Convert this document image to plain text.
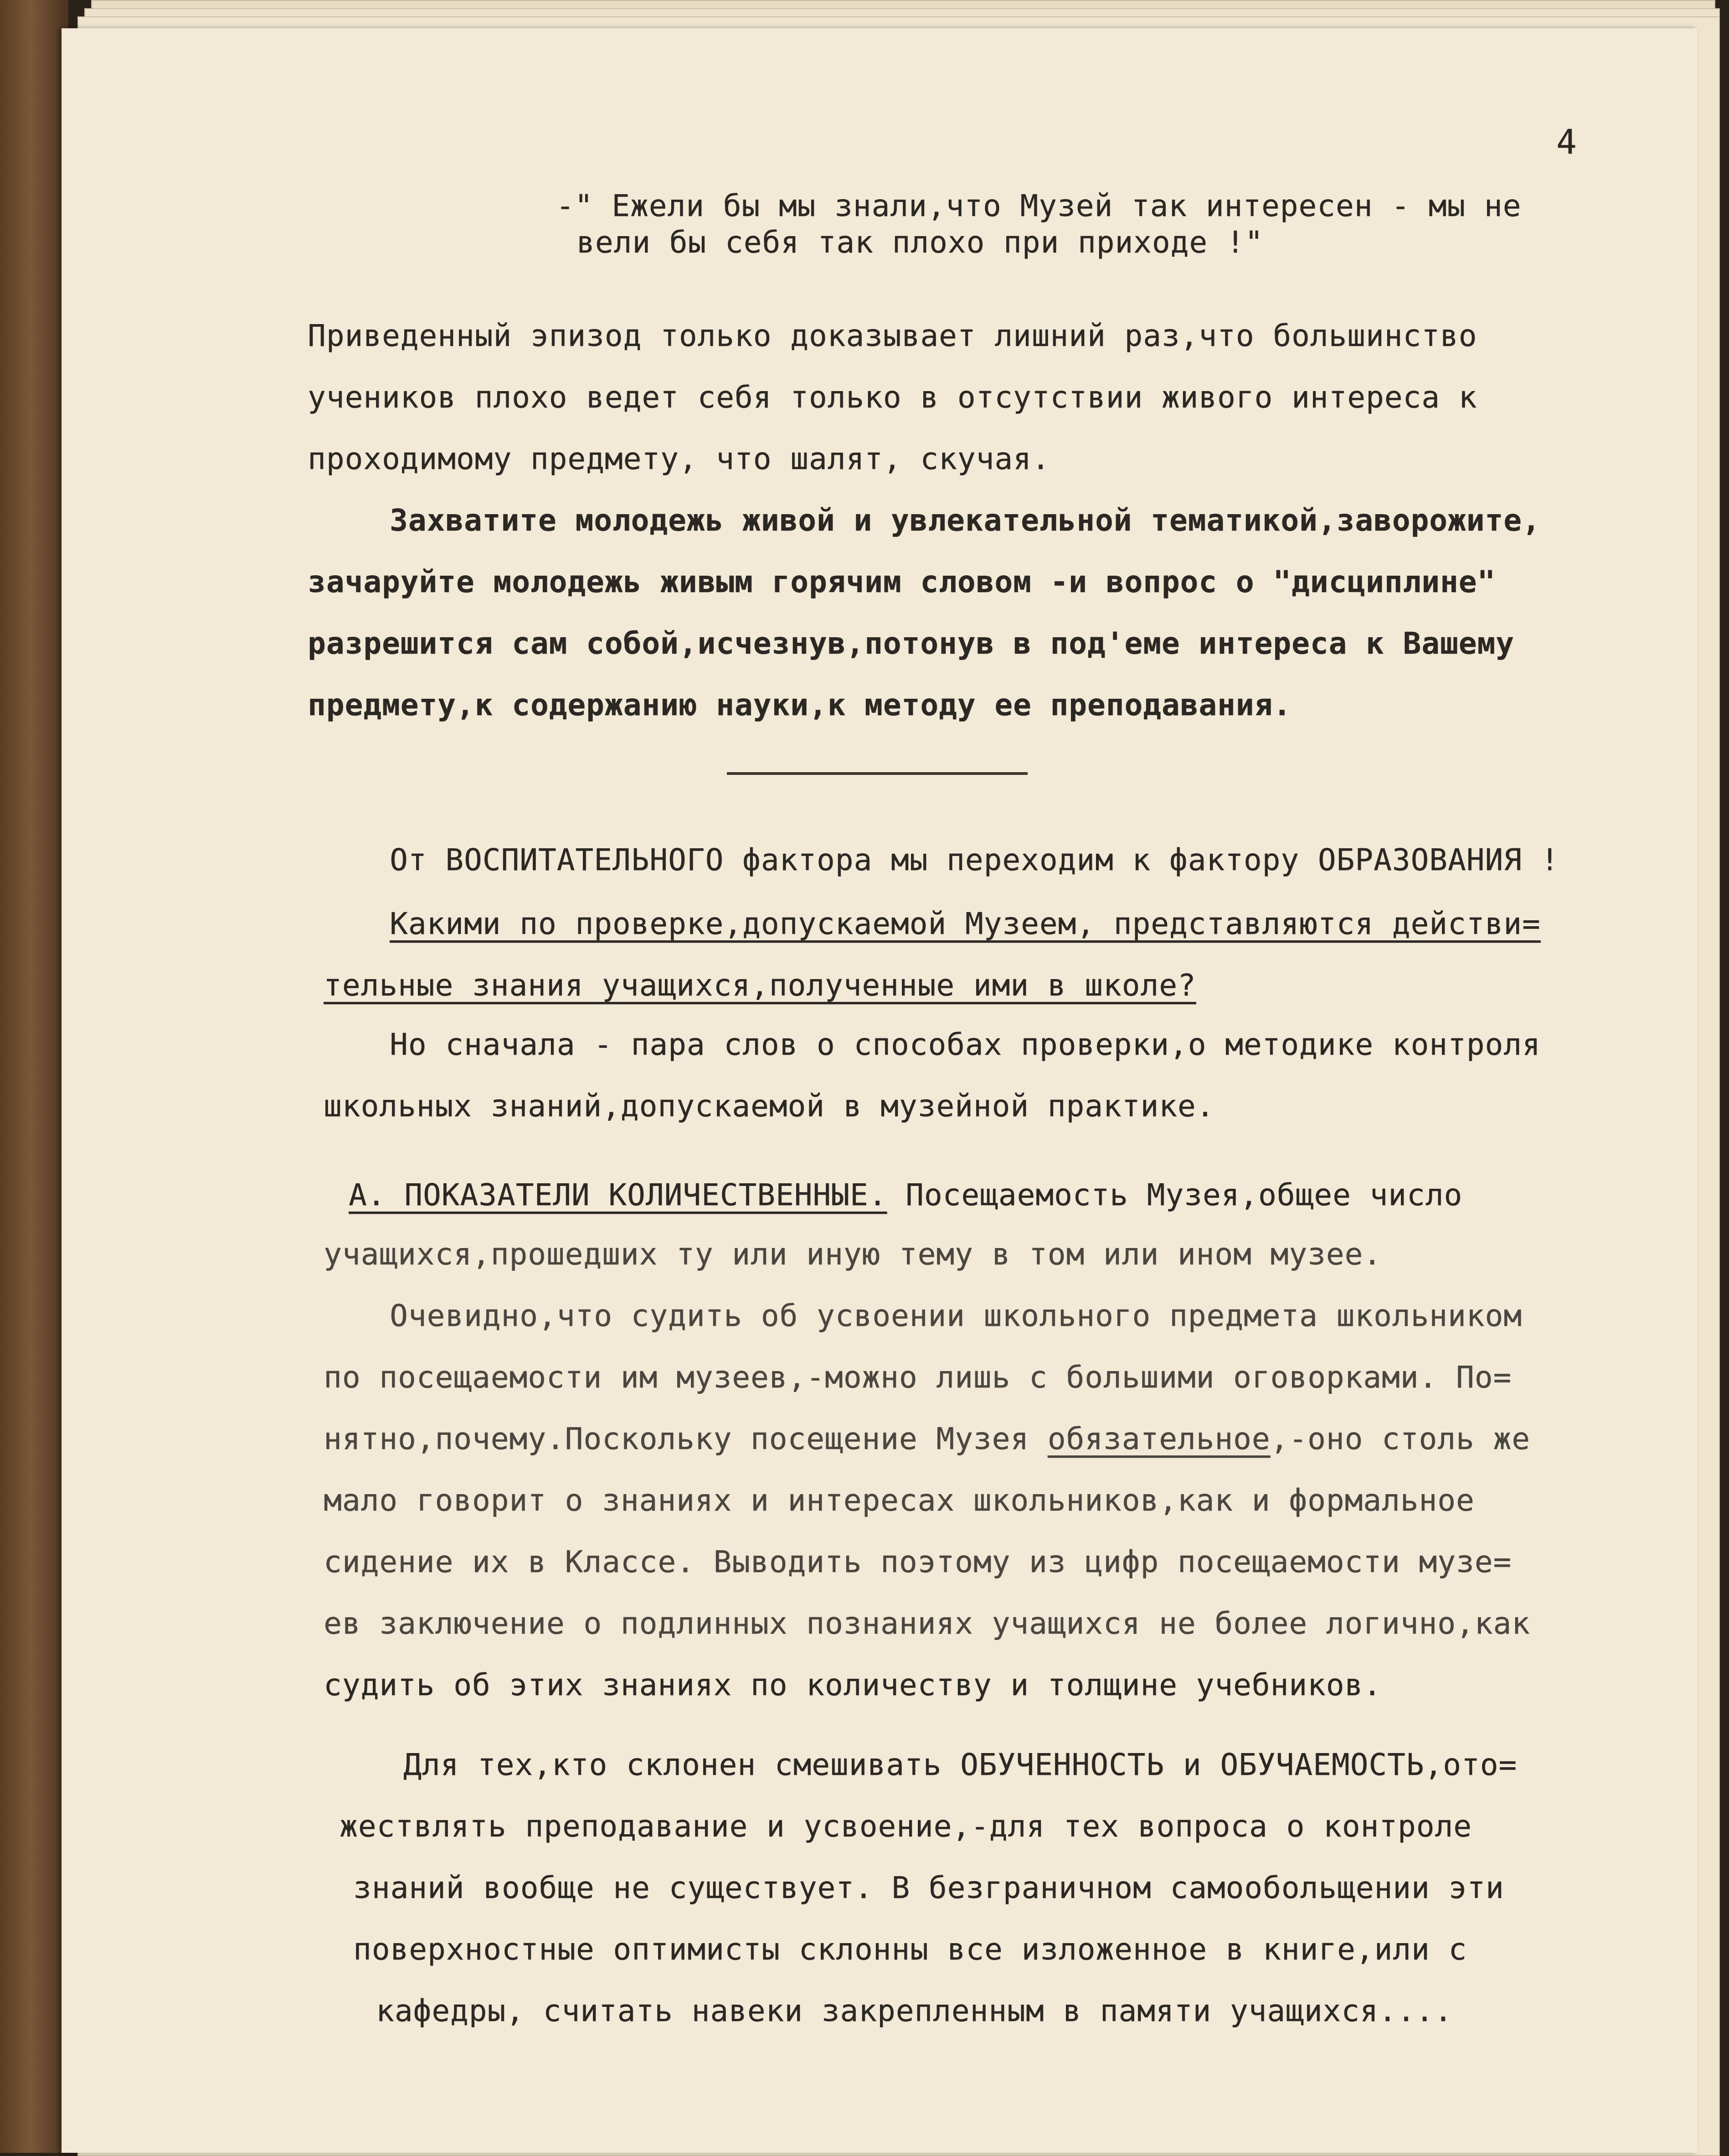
4
-" Ежели бы мы знали,что Музей так интересен - мы не
вели бы себя так плохо при приходе !"
Приведенный эпизод только доказывает лишний раз,что большинство
учеников плохо ведет себя только в отсутствии живого интереса к
проходимому предмету, что шалят, скучая.
Захватите молодежь живой и увлекательной тематикой,заворожите,
зачаруйте молодежь живым горячим словом -и вопрос о "дисциплине"
разрешится сам собой,исчезнув,потонув в под'еме интереса к Вашему
предмету,к содержанию науки,к методу ее преподавания.
От ВОСПИТАТЕЛЬНОГО фактора мы переходим к фактору ОБРАЗОВАНИЯ !
Какими по проверке,допускаемой Музеем, представляются действи=
тельные знания учащихся,полученные ими в школе?
Но сначала - пара слов о способах проверки,о методике контроля
школьных знаний,допускаемой в музейной практике.
А. ПОКАЗАТЕЛИ КОЛИЧЕСТВЕННЫЕ. Посещаемость Музея,общее число
учащихся,прошедших ту или иную тему в том или ином музее.
Очевидно,что судить об усвоении школьного предмета школьником
по посещаемости им музеев,-можно лишь с большими оговорками. По=
нятно,почему.Поскольку посещение Музея обязательное,-оно столь же
мало говорит о знаниях и интересах школьников,как и формальное
сидение их в Классе. Выводить поэтому из цифр посещаемости музе=
ев заключение о подлинных познаниях учащихся не более логично,как
судить об этих знаниях по количеству и толщине учебников.
Для тех,кто склонен смешивать ОБУЧЕННОСТЬ и ОБУЧАЕМОСТЬ,ото=
жествлять преподавание и усвоение,-для тех вопроса о контроле
знаний вообще не существует. В безграничном самообольщении эти
поверхностные оптимисты склонны все изложенное в книге,или с
кафедры, считать навеки закрепленным в памяти учащихся....
